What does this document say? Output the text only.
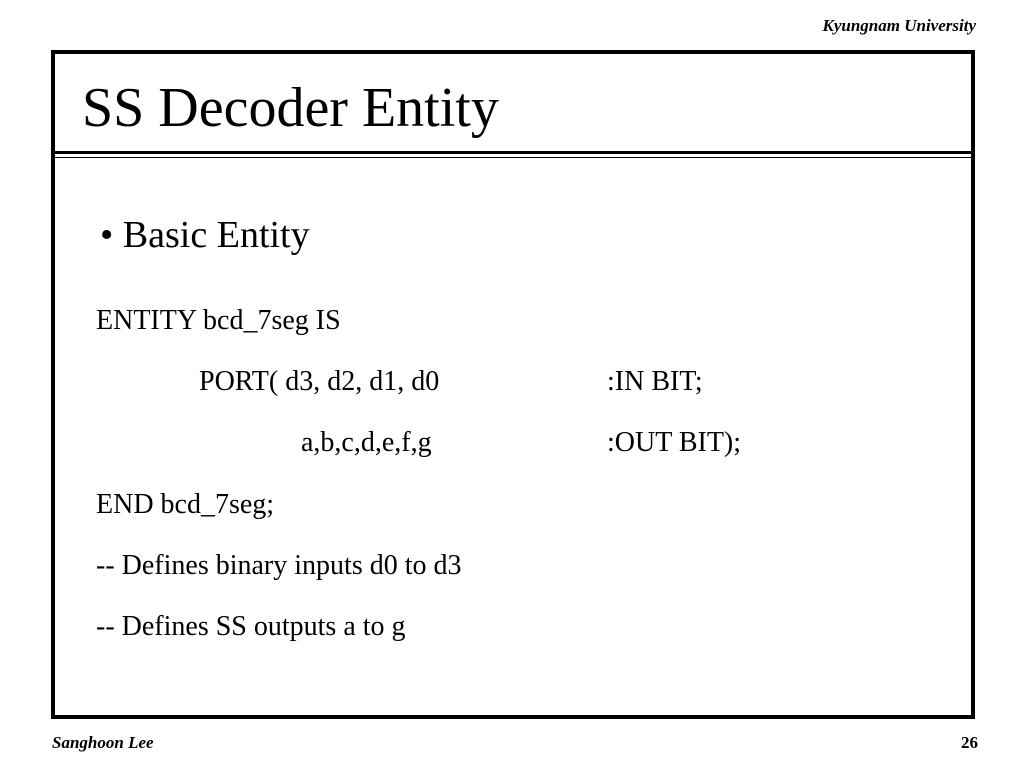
Kyungnam University
SS Decoder Entity
• Basic Entity
ENTITY bcd_7seg IS
PORT( d3, d2, d1, d0	:IN BIT;
a,b,c,d,e,f,g	:OUT BIT);
END bcd_7seg;
-- Defines binary inputs d0 to d3
-- Defines SS outputs a to g
Sanghoon Lee	26
